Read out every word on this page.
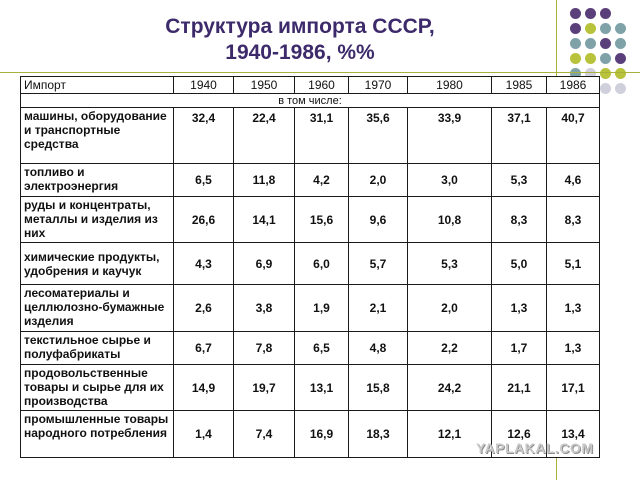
Структура импорта СССР,
1940-1986, %%
Импорт	1940	1950	1960	1970	1980	1985	1986
в том числе:							
машины, оборудование и транспортные средства	32,4	22,4	31,1	35,6	33,9	37,1	40,7
топливо и электроэнергия	6,5	11,8	4,2	2,0	3,0	5,3	4,6
руды и концентраты, металлы и изделия из них	26,6	14,1	15,6	9,6	10,8	8,3	8,3
химические продукты, удобрения и каучук	4,3	6,9	6,0	5,7	5,3	5,0	5,1
лесоматериалы и целлюлозно-бумажные изделия	2,6	3,8	1,9	2,1	2,0	1,3	1,3
текстильное сырье и полуфабрикаты	6,7	7,8	6,5	4,8	2,2	1,7	1,3
продовольственные товары и сырье для их производства	14,9	19,7	13,1	15,8	24,2	21,1	17,1
промышленные товары народного потребления	1,4	7,4	16,9	18,3	12,1	12,6	13,4
YAPLAKAL.COM
